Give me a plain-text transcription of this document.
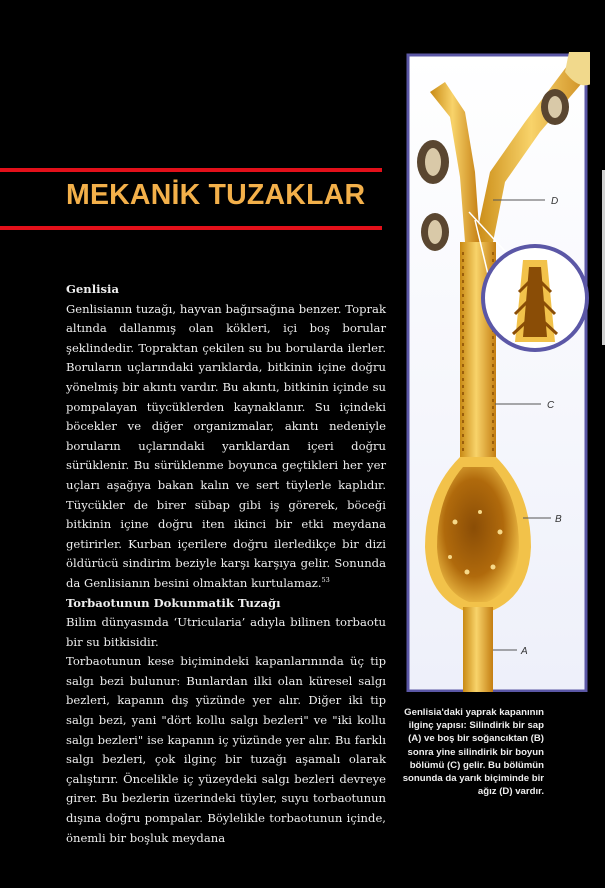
MEKANİK TUZAKLAR
Genlisia

Genlisianın tuzağı, hayvan bağırsağına benzer. Toprak altında dallanmış olan kökleri, içi boş borular şeklindedir. Topraktan çekilen su bu borularda ilerler. Boruların uçlarındaki yarıklarda, bitkinin içine doğru yönelmiş bir akıntı vardır. Bu akıntı, bitkinin içinde su pompalayan tüycüklerden kaynaklanır. Su içindeki böcekler ve diğer organizmalar, akıntı nedeniyle boruların uçlarındaki yarıklardan içeri doğru sürüklenir. Bu sürüklenme boyunca geçtikleri her yer uçları aşağıya bakan kalın ve sert tüylerle kaplıdır. Tüycükler de birer sübap gibi iş görerek, böceği bitkinin içine doğru iten ikinci bir etki meydana getirirler. Kurban içerilere doğru ilerledikçe bir dizi öldürücü sindirim beziyle karşı karşıya gelir. Sonunda da Genlisianın besini olmaktan kurtulamaz.$^{53}$

Torbaotunun Dokunmatik Tuzağı

Bilim dünyasında ‘Utricularia’ adıyla bilinen torbaotu bir su bitkisidir.

Torbaotunun kese biçimindeki kapanlarınında üç tip salgı bezi bulunur: Bunlardan ilki olan küresel salgı bezleri, kapanın dış yüzünde yer alır. Diğer iki tip salgı bezi, yani "dört kollu salgı bezleri" ve "iki kollu salgı bezleri" ise kapanın iç yüzünde yer alır. Bu farklı salgı bezleri, çok ilginç bir tuzağı aşamalı olarak çalıştırır. Öncelikle iç yüzeydeki salgı bezleri devreye girer. Bu bezlerin üzerindeki tüyler, suyu torbaotunun dışına doğru pompalar. Böylelikle torbaotunun içinde, önemli bir boşluk meydana

D
C
B
A
Genlisia'daki yaprak kapanının ilginç yapısı: Silindirik bir sap (A) ve boş bir soğancıktan (B) sonra yine silindirik bir boyun bölümü (C) gelir. Bu bölümün sonunda da yarık biçiminde bir ağız (D) vardır.
